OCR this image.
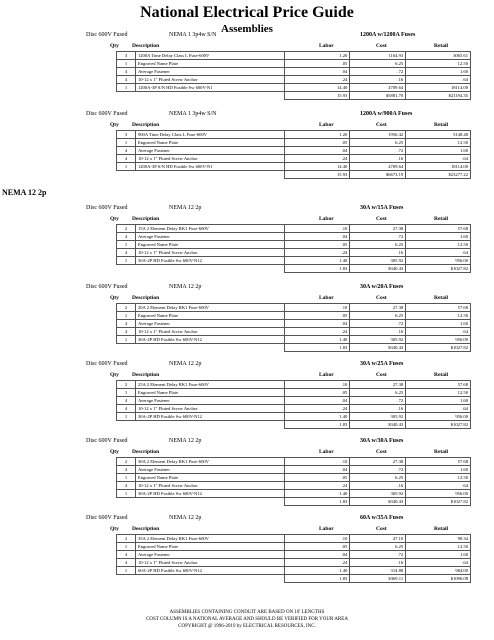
National Electrical Price Guide
Assemblies
NEMA 12 2p
Disc 600V Fused	NEMA 1 3p4w S/N	1200A w/1200A Fuses
Qty Description	Labor	Cost	Retail
3	1200A Time Delay Class L Fuse-600V	1.20	1164.93	3065.61
1	Engraved Name Plate	.05	6.25	12.50
4	Average Fastener	.04	.72	1.60
4	10-12 x 1" Fluted Screw Anchor	.24	.16	.64
1	1200A-3P S/N HD Fusible Sw 600V-N1	14.40	4709.64	18114.00
		15.93	$5881.70	$21194.35
Disc 600V Fused	NEMA 1 3p4w S/N	1200A w/900A Fuses
Qty Description	Labor	Cost	Retail
3	900A Time Delay Class L Fuse-600V	1.20	1956.42	5148.48
1	Engraved Name Plate	.05	6.25	12.50
4	Average Fastener	.04	.72	1.60
4	10-12 x 1" Fluted Screw Anchor	.24	.16	.64
1	1200A-3P S/N HD Fusible Sw 600V-N1	14.40	4709.64	18114.00
		15.93	$6673.19	$23277.22
Disc 600V Fused	NEMA 12 2p	30A w/15A Fuses
Qty Description	Labor	Cost	Retail
2	15A 2 Element Delay RK1 Fuse-600V	.10	27.38	57.68
4	Average Fastener	.04	.72	1.60
1	Engraved Name Plate	.05	6.25	12.50
4	10-12 x 1" Fluted Screw Anchor	.24	.16	.64
1	30A-2P HD Fusible Sw 600V-N12	1.40	305.92	956.00
		1.83	$340.43	$1027.82
Disc 600V Fused	NEMA 12 2p	30A w/20A Fuses
Qty Description	Labor	Cost	Retail
2	20A 2 Element Delay RK1 Fuse-600V	.10	27.38	57.68
1	Engraved Name Plate	.05	6.25	12.50
4	Average Fastener	.04	.72	1.60
4	10-12 x 1" Fluted Screw Anchor	.24	.16	.64
1	30A-2P HD Fusible Sw 600V-N12	1.40	305.92	956.00
		1.83	$340.43	$1027.82
Disc 600V Fused	NEMA 12 2p	30A w/25A Fuses
Qty Description	Labor	Cost	Retail
2	25A 2 Element Delay RK1 Fuse-600V	.10	27.38	57.68
1	Engraved Name Plate	.05	6.25	12.50
4	Average Fastener	.04	.72	1.60
4	10-12 x 1" Fluted Screw Anchor	.24	.16	.64
1	30A-2P HD Fusible Sw 600V-N12	1.40	305.92	956.00
		1.83	$340.43	$1027.82
Disc 600V Fused	NEMA 12 2p	30A w/30A Fuses
Qty Description	Labor	Cost	Retail
2	30A 2 Element Delay RK1 Fuse-600V	.10	27.38	57.68
4	Average Fastener	.04	.72	1.60
1	Engraved Name Plate	.05	6.25	12.50
4	10-12 x 1" Fluted Screw Anchor	.24	.16	.64
1	30A-2P HD Fusible Sw 600V-N12	1.40	305.92	956.00
		1.83	$340.43	$1027.82
Disc 600V Fused	NEMA 12 2p	60A w/35A Fuses
Qty Description	Labor	Cost	Retail
2	35A 2 Element Delay RK1 Fuse-600V	.10	47.10	98.34
1	Engraved Name Plate	.05	6.25	12.50
4	Average Fastener	.04	.72	1.60
4	10-12 x 1" Fluted Screw Anchor	.24	.16	.64
1	60A-2P HD Fusible Sw 600V-N12	1.40	314.88	984.00
		1.83	$369.11	$1096.08
ASSEMBLIES CONTAINING CONDUIT ARE BASED ON 10' LENGTHS
COST COLUMN IS A NATIONAL AVERAGE AND SHOULD BE VERIFIED FOR YOUR AREA
COPYRIGHT @ 1996-2019 by ELECTRICAL RESOURCES, INC.
